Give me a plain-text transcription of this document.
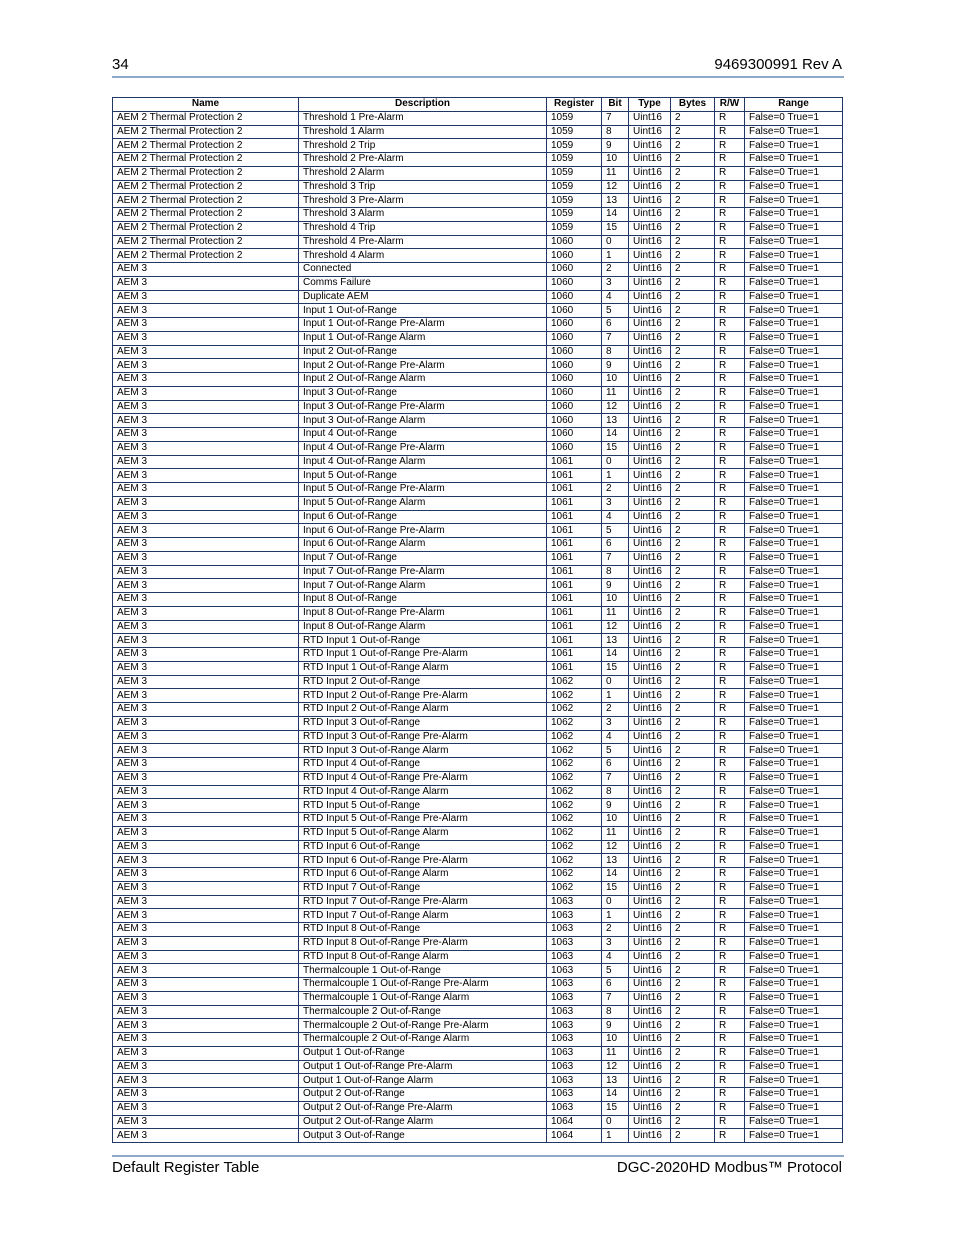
34	9469300991 Rev A
Name	Description	Register	Bit	Type	Bytes	R/W	Range
AEM 2 Thermal Protection 2	Threshold 1 Pre-Alarm	1059	7	Uint16	2	R	False=0 True=1
AEM 2 Thermal Protection 2	Threshold 1 Alarm	1059	8	Uint16	2	R	False=0 True=1
AEM 2 Thermal Protection 2	Threshold 2 Trip	1059	9	Uint16	2	R	False=0 True=1
AEM 2 Thermal Protection 2	Threshold 2 Pre-Alarm	1059	10	Uint16	2	R	False=0 True=1
AEM 2 Thermal Protection 2	Threshold 2 Alarm	1059	11	Uint16	2	R	False=0 True=1
AEM 2 Thermal Protection 2	Threshold 3 Trip	1059	12	Uint16	2	R	False=0 True=1
AEM 2 Thermal Protection 2	Threshold 3 Pre-Alarm	1059	13	Uint16	2	R	False=0 True=1
AEM 2 Thermal Protection 2	Threshold 3 Alarm	1059	14	Uint16	2	R	False=0 True=1
AEM 2 Thermal Protection 2	Threshold 4 Trip	1059	15	Uint16	2	R	False=0 True=1
AEM 2 Thermal Protection 2	Threshold 4 Pre-Alarm	1060	0	Uint16	2	R	False=0 True=1
AEM 2 Thermal Protection 2	Threshold 4 Alarm	1060	1	Uint16	2	R	False=0 True=1
AEM 3	Connected	1060	2	Uint16	2	R	False=0 True=1
AEM 3	Comms Failure	1060	3	Uint16	2	R	False=0 True=1
AEM 3	Duplicate AEM	1060	4	Uint16	2	R	False=0 True=1
AEM 3	Input 1 Out-of-Range	1060	5	Uint16	2	R	False=0 True=1
AEM 3	Input 1 Out-of-Range Pre-Alarm	1060	6	Uint16	2	R	False=0 True=1
AEM 3	Input 1 Out-of-Range Alarm	1060	7	Uint16	2	R	False=0 True=1
AEM 3	Input 2 Out-of-Range	1060	8	Uint16	2	R	False=0 True=1
AEM 3	Input 2 Out-of-Range Pre-Alarm	1060	9	Uint16	2	R	False=0 True=1
AEM 3	Input 2 Out-of-Range Alarm	1060	10	Uint16	2	R	False=0 True=1
AEM 3	Input 3 Out-of-Range	1060	11	Uint16	2	R	False=0 True=1
AEM 3	Input 3 Out-of-Range Pre-Alarm	1060	12	Uint16	2	R	False=0 True=1
AEM 3	Input 3 Out-of-Range Alarm	1060	13	Uint16	2	R	False=0 True=1
AEM 3	Input 4 Out-of-Range	1060	14	Uint16	2	R	False=0 True=1
AEM 3	Input 4 Out-of-Range Pre-Alarm	1060	15	Uint16	2	R	False=0 True=1
AEM 3	Input 4 Out-of-Range Alarm	1061	0	Uint16	2	R	False=0 True=1
AEM 3	Input 5 Out-of-Range	1061	1	Uint16	2	R	False=0 True=1
AEM 3	Input 5 Out-of-Range Pre-Alarm	1061	2	Uint16	2	R	False=0 True=1
AEM 3	Input 5 Out-of-Range Alarm	1061	3	Uint16	2	R	False=0 True=1
AEM 3	Input 6 Out-of-Range	1061	4	Uint16	2	R	False=0 True=1
AEM 3	Input 6 Out-of-Range Pre-Alarm	1061	5	Uint16	2	R	False=0 True=1
AEM 3	Input 6 Out-of-Range Alarm	1061	6	Uint16	2	R	False=0 True=1
AEM 3	Input 7 Out-of-Range	1061	7	Uint16	2	R	False=0 True=1
AEM 3	Input 7 Out-of-Range Pre-Alarm	1061	8	Uint16	2	R	False=0 True=1
AEM 3	Input 7 Out-of-Range Alarm	1061	9	Uint16	2	R	False=0 True=1
AEM 3	Input 8 Out-of-Range	1061	10	Uint16	2	R	False=0 True=1
AEM 3	Input 8 Out-of-Range Pre-Alarm	1061	11	Uint16	2	R	False=0 True=1
AEM 3	Input 8 Out-of-Range Alarm	1061	12	Uint16	2	R	False=0 True=1
AEM 3	RTD Input 1 Out-of-Range	1061	13	Uint16	2	R	False=0 True=1
AEM 3	RTD Input 1 Out-of-Range Pre-Alarm	1061	14	Uint16	2	R	False=0 True=1
AEM 3	RTD Input 1 Out-of-Range Alarm	1061	15	Uint16	2	R	False=0 True=1
AEM 3	RTD Input 2 Out-of-Range	1062	0	Uint16	2	R	False=0 True=1
AEM 3	RTD Input 2 Out-of-Range Pre-Alarm	1062	1	Uint16	2	R	False=0 True=1
AEM 3	RTD Input 2 Out-of-Range Alarm	1062	2	Uint16	2	R	False=0 True=1
AEM 3	RTD Input 3 Out-of-Range	1062	3	Uint16	2	R	False=0 True=1
AEM 3	RTD Input 3 Out-of-Range Pre-Alarm	1062	4	Uint16	2	R	False=0 True=1
AEM 3	RTD Input 3 Out-of-Range Alarm	1062	5	Uint16	2	R	False=0 True=1
AEM 3	RTD Input 4 Out-of-Range	1062	6	Uint16	2	R	False=0 True=1
AEM 3	RTD Input 4 Out-of-Range Pre-Alarm	1062	7	Uint16	2	R	False=0 True=1
AEM 3	RTD Input 4 Out-of-Range Alarm	1062	8	Uint16	2	R	False=0 True=1
AEM 3	RTD Input 5 Out-of-Range	1062	9	Uint16	2	R	False=0 True=1
AEM 3	RTD Input 5 Out-of-Range Pre-Alarm	1062	10	Uint16	2	R	False=0 True=1
AEM 3	RTD Input 5 Out-of-Range Alarm	1062	11	Uint16	2	R	False=0 True=1
AEM 3	RTD Input 6 Out-of-Range	1062	12	Uint16	2	R	False=0 True=1
AEM 3	RTD Input 6 Out-of-Range Pre-Alarm	1062	13	Uint16	2	R	False=0 True=1
AEM 3	RTD Input 6 Out-of-Range Alarm	1062	14	Uint16	2	R	False=0 True=1
AEM 3	RTD Input 7 Out-of-Range	1062	15	Uint16	2	R	False=0 True=1
AEM 3	RTD Input 7 Out-of-Range Pre-Alarm	1063	0	Uint16	2	R	False=0 True=1
AEM 3	RTD Input 7 Out-of-Range Alarm	1063	1	Uint16	2	R	False=0 True=1
AEM 3	RTD Input 8 Out-of-Range	1063	2	Uint16	2	R	False=0 True=1
AEM 3	RTD Input 8 Out-of-Range Pre-Alarm	1063	3	Uint16	2	R	False=0 True=1
AEM 3	RTD Input 8 Out-of-Range Alarm	1063	4	Uint16	2	R	False=0 True=1
AEM 3	Thermalcouple 1 Out-of-Range	1063	5	Uint16	2	R	False=0 True=1
AEM 3	Thermalcouple 1 Out-of-Range Pre-Alarm	1063	6	Uint16	2	R	False=0 True=1
AEM 3	Thermalcouple 1 Out-of-Range Alarm	1063	7	Uint16	2	R	False=0 True=1
AEM 3	Thermalcouple 2 Out-of-Range	1063	8	Uint16	2	R	False=0 True=1
AEM 3	Thermalcouple 2 Out-of-Range Pre-Alarm	1063	9	Uint16	2	R	False=0 True=1
AEM 3	Thermalcouple 2 Out-of-Range Alarm	1063	10	Uint16	2	R	False=0 True=1
AEM 3	Output 1 Out-of-Range	1063	11	Uint16	2	R	False=0 True=1
AEM 3	Output 1 Out-of-Range Pre-Alarm	1063	12	Uint16	2	R	False=0 True=1
AEM 3	Output 1 Out-of-Range Alarm	1063	13	Uint16	2	R	False=0 True=1
AEM 3	Output 2 Out-of-Range	1063	14	Uint16	2	R	False=0 True=1
AEM 3	Output 2 Out-of-Range Pre-Alarm	1063	15	Uint16	2	R	False=0 True=1
AEM 3	Output 2 Out-of-Range Alarm	1064	0	Uint16	2	R	False=0 True=1
AEM 3	Output 3 Out-of-Range	1064	1	Uint16	2	R	False=0 True=1
Default Register Table	DGC-2020HD Modbus™ Protocol
